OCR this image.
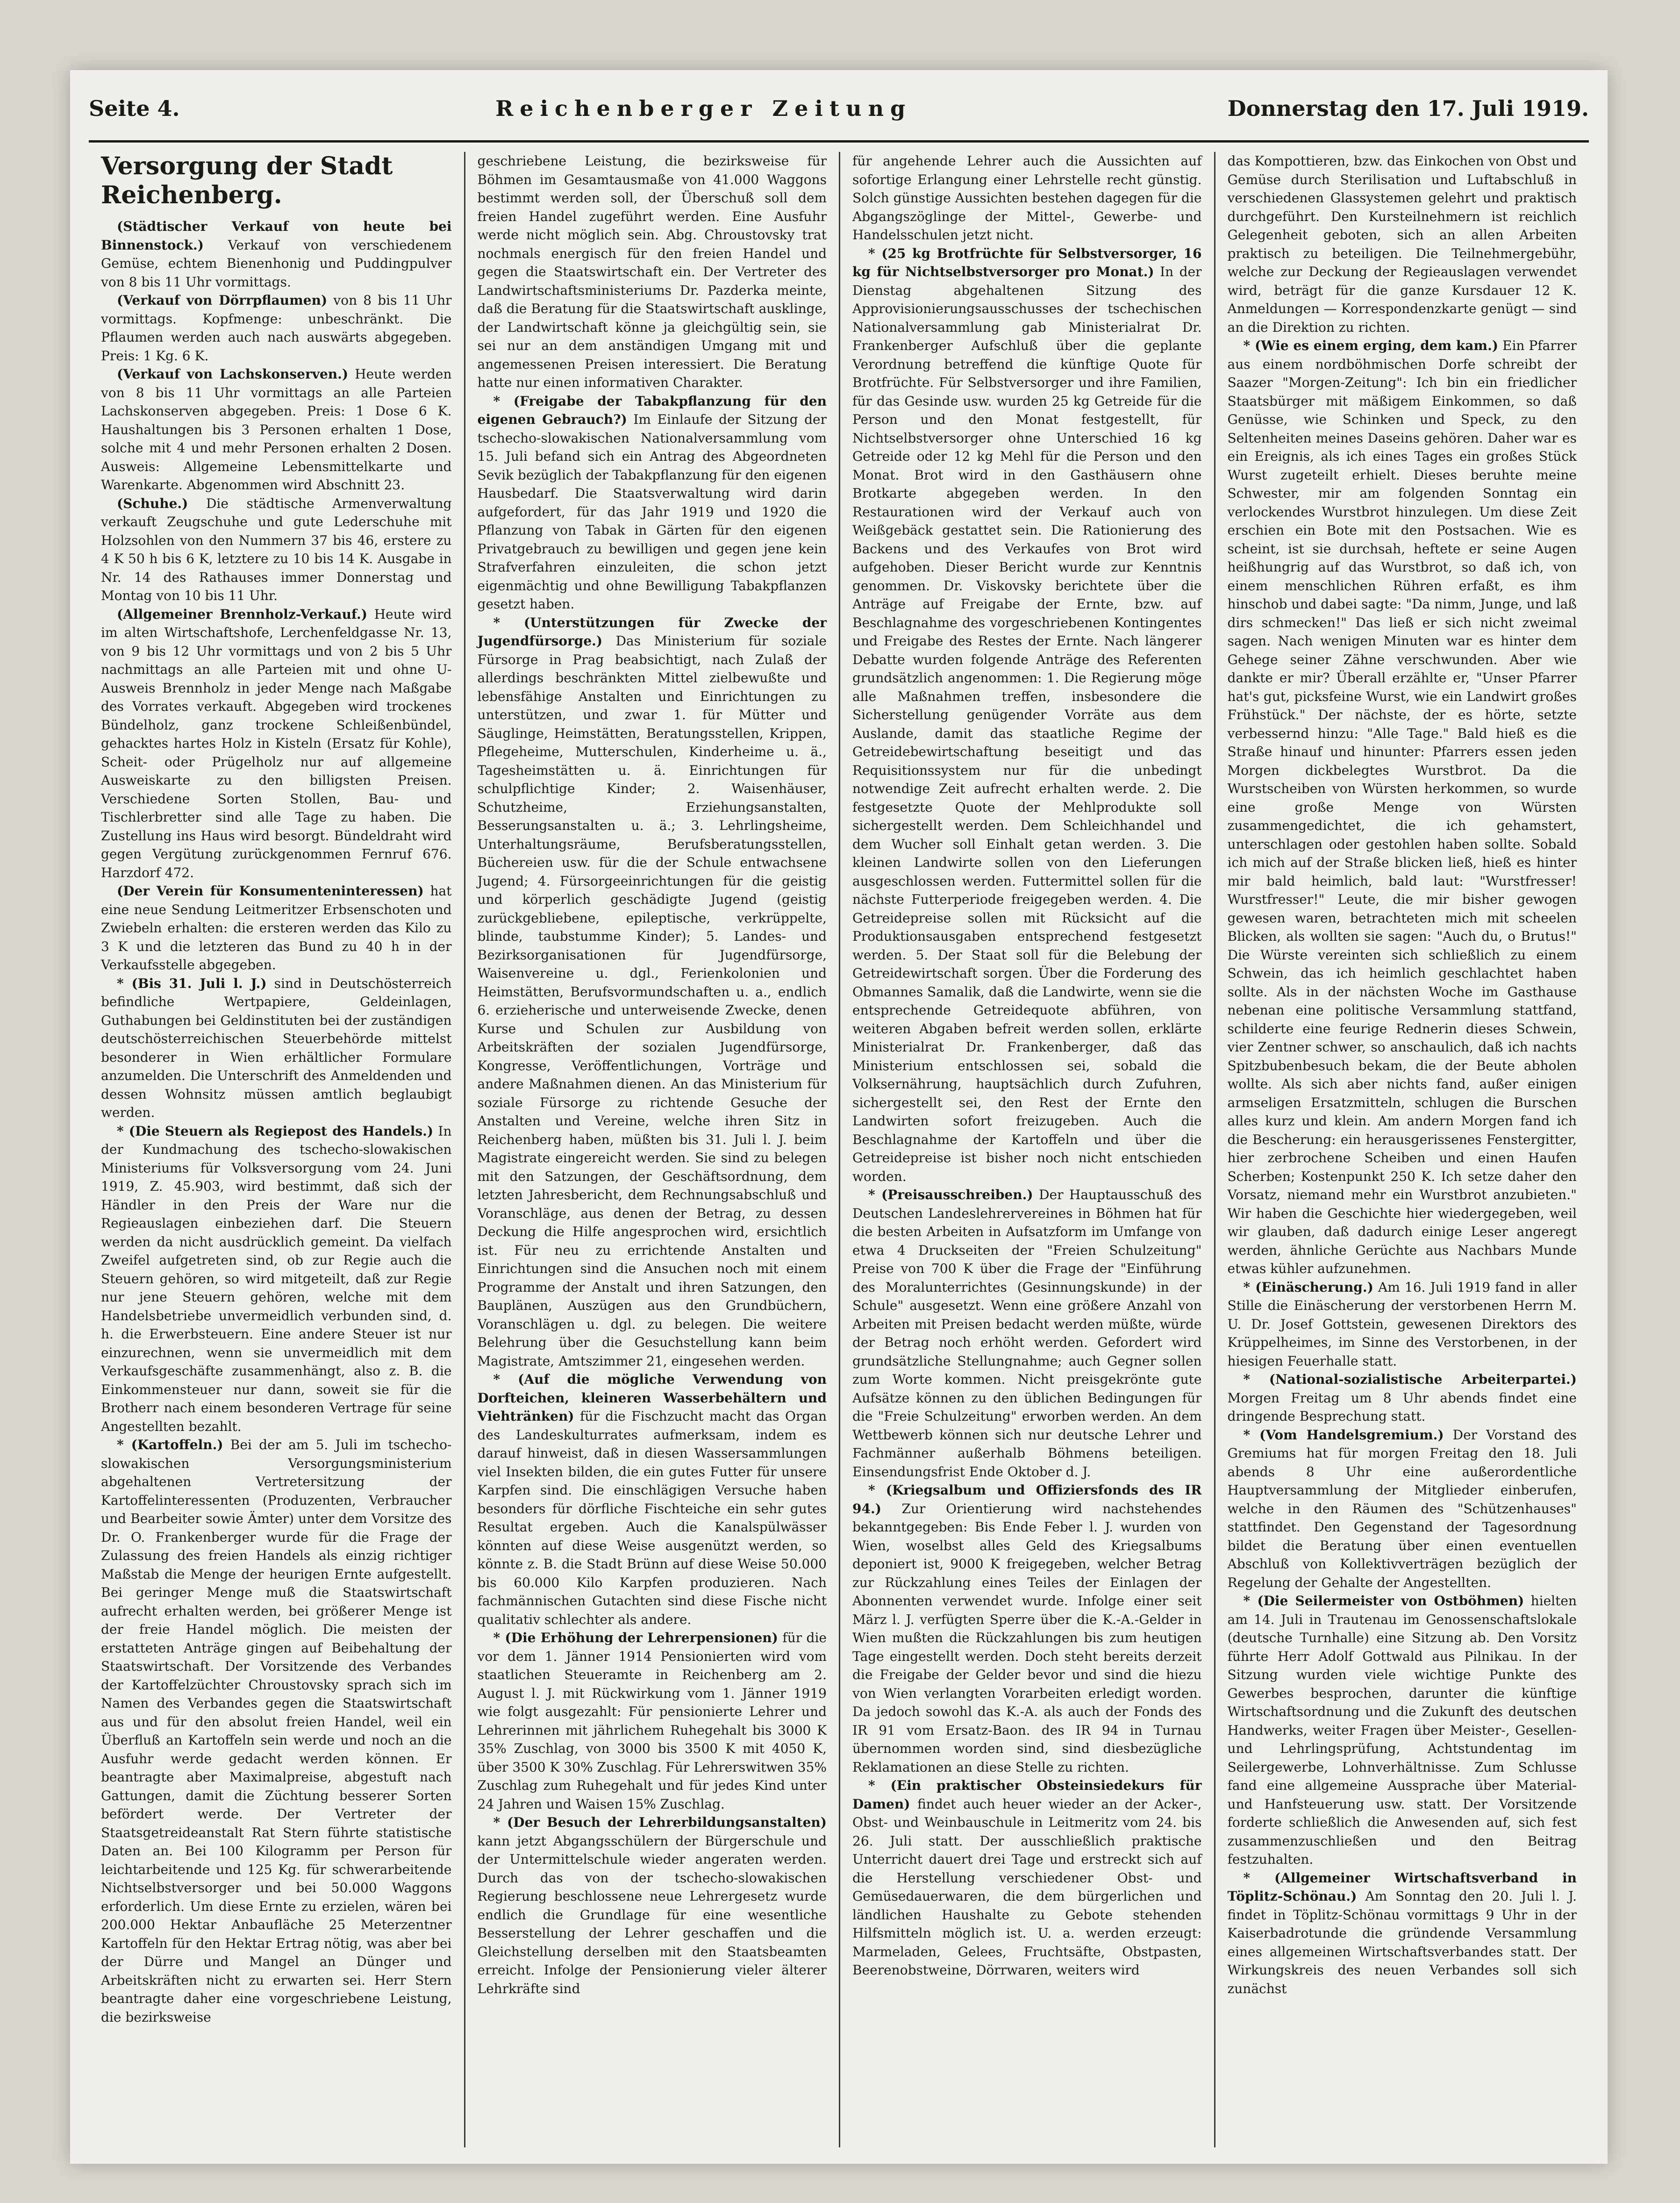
Seite 4.	Reichenberger Zeitung	Donnerstag den 17. Juli 1919.
Versorgung der Stadt Reichenberg.

(Städtischer Verkauf von heute bei Binnenstock.) Verkauf von verschiedenem Gemüse, echtem Bienenhonig und Puddingpulver von 8 bis 11 Uhr vormittags.

(Verkauf von Dörrpflaumen) von 8 bis 11 Uhr vormittags. Kopfmenge: unbeschränkt. Die Pflaumen werden auch nach auswärts abgegeben. Preis: 1 Kg. 6 K.

(Verkauf von Lachskonserven.) Heute werden von 8 bis 11 Uhr vormittags an alle Parteien Lachskonserven abgegeben. Preis: 1 Dose 6 K. Haushaltungen bis 3 Personen erhalten 1 Dose, solche mit 4 und mehr Personen erhalten 2 Dosen. Ausweis: Allgemeine Lebensmittelkarte und Warenkarte. Abgenommen wird Abschnitt 23.

(Schuhe.) Die städtische Armenverwaltung verkauft Zeugschuhe und gute Lederschuhe mit Holzsohlen von den Nummern 37 bis 46, erstere zu 4 K 50 h bis 6 K, letztere zu 10 bis 14 K. Ausgabe in Nr. 14 des Rathauses immer Donnerstag und Montag von 10 bis 11 Uhr.

(Allgemeiner Brennholz-Verkauf.) Heute wird im alten Wirtschaftshofe, Lerchenfeldgasse Nr. 13, von 9 bis 12 Uhr vormittags und von 2 bis 5 Uhr nachmittags an alle Parteien mit und ohne U-Ausweis Brennholz in jeder Menge nach Maßgabe des Vorrates verkauft. Abgegeben wird trockenes Bündelholz, ganz trockene Schleißenbündel, gehacktes hartes Holz in Kisteln (Ersatz für Kohle), Scheit- oder Prügelholz nur auf allgemeine Ausweiskarte zu den billigsten Preisen. Verschiedene Sorten Stollen, Bau- und Tischlerbretter sind alle Tage zu haben. Die Zustellung ins Haus wird besorgt. Bündeldraht wird gegen Vergütung zurückgenommen Fernruf 676. Harzdorf 472.

(Der Verein für Konsumenteninteressen) hat eine neue Sendung Leitmeritzer Erbsenschoten und Zwiebeln erhalten: die ersteren werden das Kilo zu 3 K und die letzteren das Bund zu 40 h in der Verkaufsstelle abgegeben.

* (Bis 31. Juli l. J.) sind in Deutschösterreich befindliche Wertpapiere, Geldeinlagen, Guthabungen bei Geldinstituten bei der zuständigen deutschösterreichischen Steuerbehörde mittelst besonderer in Wien erhältlicher Formulare anzumelden. Die Unterschrift des Anmeldenden und dessen Wohnsitz müssen amtlich beglaubigt werden.

* (Die Steuern als Regiepost des Handels.) In der Kundmachung des tschecho-slowakischen Ministeriums für Volksversorgung vom 24. Juni 1919, Z. 45.903, wird bestimmt, daß sich der Händler in den Preis der Ware nur die Regieauslagen einbeziehen darf. Die Steuern werden da nicht ausdrücklich gemeint. Da vielfach Zweifel aufgetreten sind, ob zur Regie auch die Steuern gehören, so wird mitgeteilt, daß zur Regie nur jene Steuern gehören, welche mit dem Handelsbetriebe unvermeidlich verbunden sind, d. h. die Erwerbsteuern. Eine andere Steuer ist nur einzurechnen, wenn sie unvermeidlich mit dem Verkaufsgeschäfte zusammenhängt, also z. B. die Einkommensteuer nur dann, soweit sie für die Brotherr nach einem besonderen Vertrage für seine Angestellten bezahlt.

* (Kartoffeln.) Bei der am 5. Juli im tschecho-slowakischen Versorgungsministerium abgehaltenen Vertretersitzung der Kartoffelinteressenten (Produzenten, Verbraucher und Bearbeiter sowie Ämter) unter dem Vorsitze des Dr. O. Frankenberger wurde für die Frage der Zulassung des freien Handels als einzig richtiger Maßstab die Menge der heurigen Ernte aufgestellt. Bei geringer Menge muß die Staatswirtschaft aufrecht erhalten werden, bei größerer Menge ist der freie Handel möglich. Die meisten der erstatteten Anträge gingen auf Beibehaltung der Staatswirtschaft. Der Vorsitzende des Verbandes der Kartoffelzüchter Chroustovsky sprach sich im Namen des Verbandes gegen die Staatswirtschaft aus und für den absolut freien Handel, weil ein Überfluß an Kartoffeln sein werde und noch an die Ausfuhr werde gedacht werden können. Er beantragte aber Maximalpreise, abgestuft nach Gattungen, damit die Züchtung besserer Sorten befördert werde. Der Vertreter der Staatsgetreideanstalt Rat Stern führte statistische Daten an. Bei 100 Kilogramm per Person für leichtarbeitende und 125 Kg. für schwerarbeitende Nichtselbstversorger und bei 50.000 Waggons erforderlich. Um diese Ernte zu erzielen, wären bei 200.000 Hektar Anbaufläche 25 Meterzentner Kartoffeln für den Hektar Ertrag nötig, was aber bei der Dürre und Mangel an Dünger und Arbeitskräften nicht zu erwarten sei. Herr Stern beantragte daher eine vorgeschriebene Leistung, die bezirksweise

geschriebene Leistung, die bezirksweise für Böhmen im Gesamtausmaße von 41.000 Waggons bestimmt werden soll, der Überschuß soll dem freien Handel zugeführt werden. Eine Ausfuhr werde nicht möglich sein. Abg. Chroustovsky trat nochmals energisch für den freien Handel und gegen die Staatswirtschaft ein. Der Vertreter des Landwirtschaftsministeriums Dr. Pazderka meinte, daß die Beratung für die Staatswirtschaft ausklinge, der Landwirtschaft könne ja gleichgültig sein, sie sei nur an dem anständigen Umgang mit und angemessenen Preisen interessiert. Die Beratung hatte nur einen informativen Charakter.

* (Freigabe der Tabakpflanzung für den eigenen Gebrauch?) Im Einlaufe der Sitzung der tschecho-slowakischen Nationalversammlung vom 15. Juli befand sich ein Antrag des Abgeordneten Sevik bezüglich der Tabakpflanzung für den eigenen Hausbedarf. Die Staatsverwaltung wird darin aufgefordert, für das Jahr 1919 und 1920 die Pflanzung von Tabak in Gärten für den eigenen Privatgebrauch zu bewilligen und gegen jene kein Strafverfahren einzuleiten, die schon jetzt eigenmächtig und ohne Bewilligung Tabakpflanzen gesetzt haben.

* (Unterstützungen für Zwecke der Jugendfürsorge.) Das Ministerium für soziale Fürsorge in Prag beabsichtigt, nach Zulaß der allerdings beschränkten Mittel zielbewußte und lebensfähige Anstalten und Einrichtungen zu unterstützen, und zwar 1. für Mütter und Säuglinge, Heimstätten, Beratungsstellen, Krippen, Pflegeheime, Mutterschulen, Kinderheime u. ä., Tagesheimstätten u. ä. Einrichtungen für schulpflichtige Kinder; 2. Waisenhäuser, Schutzheime, Erziehungsanstalten, Besserungsanstalten u. ä.; 3. Lehrlingsheime, Unterhaltungsräume, Berufsberatungsstellen, Büchereien usw. für die der Schule entwachsene Jugend; 4. Fürsorgeeinrichtungen für die geistig und körperlich geschädigte Jugend (geistig zurückgebliebene, epileptische, verkrüppelte, blinde, taubstumme Kinder); 5. Landes- und Bezirksorganisationen für Jugendfürsorge, Waisenvereine u. dgl., Ferienkolonien und Heimstätten, Berufsvormundschaften u. a., endlich 6. erzieherische und unterweisende Zwecke, denen Kurse und Schulen zur Ausbildung von Arbeitskräften der sozialen Jugendfürsorge, Kongresse, Veröffentlichungen, Vorträge und andere Maßnahmen dienen. An das Ministerium für soziale Fürsorge zu richtende Gesuche der Anstalten und Vereine, welche ihren Sitz in Reichenberg haben, müßten bis 31. Juli l. J. beim Magistrate eingereicht werden. Sie sind zu belegen mit den Satzungen, der Geschäftsordnung, dem letzten Jahresbericht, dem Rechnungsabschluß und Voranschläge, aus denen der Betrag, zu dessen Deckung die Hilfe angesprochen wird, ersichtlich ist. Für neu zu errichtende Anstalten und Einrichtungen sind die Ansuchen noch mit einem Programme der Anstalt und ihren Satzungen, den Bauplänen, Auszügen aus den Grundbüchern, Voranschlägen u. dgl. zu belegen. Die weitere Belehrung über die Gesuchstellung kann beim Magistrate, Amtszimmer 21, eingesehen werden.

* (Auf die mögliche Verwendung von Dorfteichen, kleineren Wasserbehältern und Viehtränken) für die Fischzucht macht das Organ des Landeskulturrates aufmerksam, indem es darauf hinweist, daß in diesen Wassersammlungen viel Insekten bilden, die ein gutes Futter für unsere Karpfen sind. Die einschlägigen Versuche haben besonders für dörfliche Fischteiche ein sehr gutes Resultat ergeben. Auch die Kanalspülwässer könnten auf diese Weise ausgenützt werden, so könnte z. B. die Stadt Brünn auf diese Weise 50.000 bis 60.000 Kilo Karpfen produzieren. Nach fachmännischen Gutachten sind diese Fische nicht qualitativ schlechter als andere.

* (Die Erhöhung der Lehrerpensionen) für die vor dem 1. Jänner 1914 Pensionierten wird vom staatlichen Steueramte in Reichenberg am 2. August l. J. mit Rückwirkung vom 1. Jänner 1919 wie folgt ausgezahlt: Für pensionierte Lehrer und Lehrerinnen mit jährlichem Ruhegehalt bis 3000 K 35% Zuschlag, von 3000 bis 3500 K mit 4050 K, über 3500 K 30% Zuschlag. Für Lehrerswitwen 35% Zuschlag zum Ruhegehalt und für jedes Kind unter 24 Jahren und Waisen 15% Zuschlag.

* (Der Besuch der Lehrerbildungsanstalten) kann jetzt Abgangsschülern der Bürgerschule und der Untermittelschule wieder angeraten werden. Durch das von der tschecho-slowakischen Regierung beschlossene neue Lehrergesetz wurde endlich die Grundlage für eine wesentliche Besserstellung der Lehrer geschaffen und die Gleichstellung derselben mit den Staatsbeamten erreicht. Infolge der Pensionierung vieler älterer Lehrkräfte sind

für angehende Lehrer auch die Aussichten auf sofortige Erlangung einer Lehrstelle recht günstig. Solch günstige Aussichten bestehen dagegen für die Abgangszöglinge der Mittel-, Gewerbe- und Handelsschulen jetzt nicht.

* (25 kg Brotfrüchte für Selbstversorger, 16 kg für Nichtselbstversorger pro Monat.) In der Dienstag abgehaltenen Sitzung des Approvisionierungsausschusses der tschechischen Nationalversammlung gab Ministerialrat Dr. Frankenberger Aufschluß über die geplante Verordnung betreffend die künftige Quote für Brotfrüchte. Für Selbstversorger und ihre Familien, für das Gesinde usw. wurden 25 kg Getreide für die Person und den Monat festgestellt, für Nichtselbstversorger ohne Unterschied 16 kg Getreide oder 12 kg Mehl für die Person und den Monat. Brot wird in den Gasthäusern ohne Brotkarte abgegeben werden. In den Restaurationen wird der Verkauf auch von Weißgebäck gestattet sein. Die Rationierung des Backens und des Verkaufes von Brot wird aufgehoben. Dieser Bericht wurde zur Kenntnis genommen. Dr. Viskovsky berichtete über die Anträge auf Freigabe der Ernte, bzw. auf Beschlagnahme des vorgeschriebenen Kontingentes und Freigabe des Restes der Ernte. Nach längerer Debatte wurden folgende Anträge des Referenten grundsätzlich angenommen: 1. Die Regierung möge alle Maßnahmen treffen, insbesondere die Sicherstellung genügender Vorräte aus dem Auslande, damit das staatliche Regime der Getreidebewirtschaftung beseitigt und das Requisitionssystem nur für die unbedingt notwendige Zeit aufrecht erhalten werde. 2. Die festgesetzte Quote der Mehlprodukte soll sichergestellt werden. Dem Schleichhandel und dem Wucher soll Einhalt getan werden. 3. Die kleinen Landwirte sollen von den Lieferungen ausgeschlossen werden. Futtermittel sollen für die nächste Futterperiode freigegeben werden. 4. Die Getreidepreise sollen mit Rücksicht auf die Produktionsausgaben entsprechend festgesetzt werden. 5. Der Staat soll für die Belebung der Getreidewirtschaft sorgen. Über die Forderung des Obmannes Samalik, daß die Landwirte, wenn sie die entsprechende Getreidequote abführen, von weiteren Abgaben befreit werden sollen, erklärte Ministerialrat Dr. Frankenberger, daß das Ministerium entschlossen sei, sobald die Volksernährung, hauptsächlich durch Zufuhren, sichergestellt sei, den Rest der Ernte den Landwirten sofort freizugeben. Auch die Beschlagnahme der Kartoffeln und über die Getreidepreise ist bisher noch nicht entschieden worden.

* (Preisausschreiben.) Der Hauptausschuß des Deutschen Landeslehrervereines in Böhmen hat für die besten Arbeiten in Aufsatzform im Umfange von etwa 4 Druckseiten der "Freien Schulzeitung" Preise von 700 K über die Frage der "Einführung des Moralunterrichtes (Gesinnungskunde) in der Schule" ausgesetzt. Wenn eine größere Anzahl von Arbeiten mit Preisen bedacht werden müßte, würde der Betrag noch erhöht werden. Gefordert wird grundsätzliche Stellungnahme; auch Gegner sollen zum Worte kommen. Nicht preisgekrönte gute Aufsätze können zu den üblichen Bedingungen für die "Freie Schulzeitung" erworben werden. An dem Wettbewerb können sich nur deutsche Lehrer und Fachmänner außerhalb Böhmens beteiligen. Einsendungsfrist Ende Oktober d. J.

* (Kriegsalbum und Offiziersfonds des IR 94.) Zur Orientierung wird nachstehendes bekanntgegeben: Bis Ende Feber l. J. wurden von Wien, woselbst alles Geld des Kriegsalbums deponiert ist, 9000 K freigegeben, welcher Betrag zur Rückzahlung eines Teiles der Einlagen der Abonnenten verwendet wurde. Infolge einer seit März l. J. verfügten Sperre über die K.-A.-Gelder in Wien mußten die Rückzahlungen bis zum heutigen Tage eingestellt werden. Doch steht bereits derzeit die Freigabe der Gelder bevor und sind die hiezu von Wien verlangten Vorarbeiten erledigt worden. Da jedoch sowohl das K.-A. als auch der Fonds des IR 91 vom Ersatz-Baon. des IR 94 in Turnau übernommen worden sind, sind diesbezügliche Reklamationen an diese Stelle zu richten.

* (Ein praktischer Obsteinsiedekurs für Damen) findet auch heuer wieder an der Acker-, Obst- und Weinbauschule in Leitmeritz vom 24. bis 26. Juli statt. Der ausschließlich praktische Unterricht dauert drei Tage und erstreckt sich auf die Herstellung verschiedener Obst- und Gemüsedauerwaren, die dem bürgerlichen und ländlichen Haushalte zu Gebote stehenden Hilfsmitteln möglich ist. U. a. werden erzeugt: Marmeladen, Gelees, Fruchtsäfte, Obstpasten, Beerenobstweine, Dörrwaren, weiters wird

das Kompottieren, bzw. das Einkochen von Obst und Gemüse durch Sterilisation und Luftabschluß in verschiedenen Glassystemen gelehrt und praktisch durchgeführt. Den Kursteilnehmern ist reichlich Gelegenheit geboten, sich an allen Arbeiten praktisch zu beteiligen. Die Teilnehmergebühr, welche zur Deckung der Regieauslagen verwendet wird, beträgt für die ganze Kursdauer 12 K. Anmeldungen — Korrespondenzkarte genügt — sind an die Direktion zu richten.

* (Wie es einem erging, dem kam.) Ein Pfarrer aus einem nordböhmischen Dorfe schreibt der Saazer "Morgen-Zeitung": Ich bin ein friedlicher Staatsbürger mit mäßigem Einkommen, so daß Genüsse, wie Schinken und Speck, zu den Seltenheiten meines Daseins gehören. Daher war es ein Ereignis, als ich eines Tages ein großes Stück Wurst zugeteilt erhielt. Dieses beruhte meine Schwester, mir am folgenden Sonntag ein verlockendes Wurstbrot hinzulegen. Um diese Zeit erschien ein Bote mit den Postsachen. Wie es scheint, ist sie durchsah, heftete er seine Augen heißhungrig auf das Wurstbrot, so daß ich, von einem menschlichen Rühren erfaßt, es ihm hinschob und dabei sagte: "Da nimm, Junge, und laß dirs schmecken!" Das ließ er sich nicht zweimal sagen. Nach wenigen Minuten war es hinter dem Gehege seiner Zähne verschwunden. Aber wie dankte er mir? Überall erzählte er, "Unser Pfarrer hat's gut, picksfeine Wurst, wie ein Landwirt großes Frühstück." Der nächste, der es hörte, setzte verbessernd hinzu: "Alle Tage." Bald hieß es die Straße hinauf und hinunter: Pfarrers essen jeden Morgen dickbelegtes Wurstbrot. Da die Wurstscheiben von Würsten herkommen, so wurde eine große Menge von Würsten zusammengedichtet, die ich gehamstert, unterschlagen oder gestohlen haben sollte. Sobald ich mich auf der Straße blicken ließ, hieß es hinter mir bald heimlich, bald laut: "Wurstfresser! Wurstfresser!" Leute, die mir bisher gewogen gewesen waren, betrachteten mich mit scheelen Blicken, als wollten sie sagen: "Auch du, o Brutus!" Die Würste vereinten sich schließlich zu einem Schwein, das ich heimlich geschlachtet haben sollte. Als in der nächsten Woche im Gasthause nebenan eine politische Versammlung stattfand, schilderte eine feurige Rednerin dieses Schwein, vier Zentner schwer, so anschaulich, daß ich nachts Spitzbubenbesuch bekam, die der Beute abholen wollte. Als sich aber nichts fand, außer einigen armseligen Ersatzmitteln, schlugen die Burschen alles kurz und klein. Am andern Morgen fand ich die Bescherung: ein herausgerissenes Fenstergitter, hier zerbrochene Scheiben und einen Haufen Scherben; Kostenpunkt 250 K. Ich setze daher den Vorsatz, niemand mehr ein Wurstbrot anzubieten." Wir haben die Geschichte hier wiedergegeben, weil wir glauben, daß dadurch einige Leser angeregt werden, ähnliche Gerüchte aus Nachbars Munde etwas kühler aufzunehmen.

* (Einäscherung.) Am 16. Juli 1919 fand in aller Stille die Einäscherung der verstorbenen Herrn M. U. Dr. Josef Gottstein, gewesenen Direktors des Krüppelheimes, im Sinne des Verstorbenen, in der hiesigen Feuerhalle statt.

* (National-sozialistische Arbeiterpartei.) Morgen Freitag um 8 Uhr abends findet eine dringende Besprechung statt.

* (Vom Handelsgremium.) Der Vorstand des Gremiums hat für morgen Freitag den 18. Juli abends 8 Uhr eine außerordentliche Hauptversammlung der Mitglieder einberufen, welche in den Räumen des "Schützenhauses" stattfindet. Den Gegenstand der Tagesordnung bildet die Beratung über einen eventuellen Abschluß von Kollektivverträgen bezüglich der Regelung der Gehalte der Angestellten.

* (Die Seilermeister von Ostböhmen) hielten am 14. Juli in Trautenau im Genossenschaftslokale (deutsche Turnhalle) eine Sitzung ab. Den Vorsitz führte Herr Adolf Gottwald aus Pilnikau. In der Sitzung wurden viele wichtige Punkte des Gewerbes besprochen, darunter die künftige Wirtschaftsordnung und die Zukunft des deutschen Handwerks, weiter Fragen über Meister-, Gesellen- und Lehrlingsprüfung, Achtstundentag im Seilergewerbe, Lohnverhältnisse. Zum Schlusse fand eine allgemeine Aussprache über Material- und Hanfsteuerung usw. statt. Der Vorsitzende forderte schließlich die Anwesenden auf, sich fest zusammenzuschließen und den Beitrag festzuhalten.

* (Allgemeiner Wirtschaftsverband in Töplitz-Schönau.) Am Sonntag den 20. Juli l. J. findet in Töplitz-Schönau vormittags 9 Uhr in der Kaiserbadrotunde die gründende Versammlung eines allgemeinen Wirtschaftsverbandes statt. Der Wirkungskreis des neuen Verbandes soll sich zunächst
